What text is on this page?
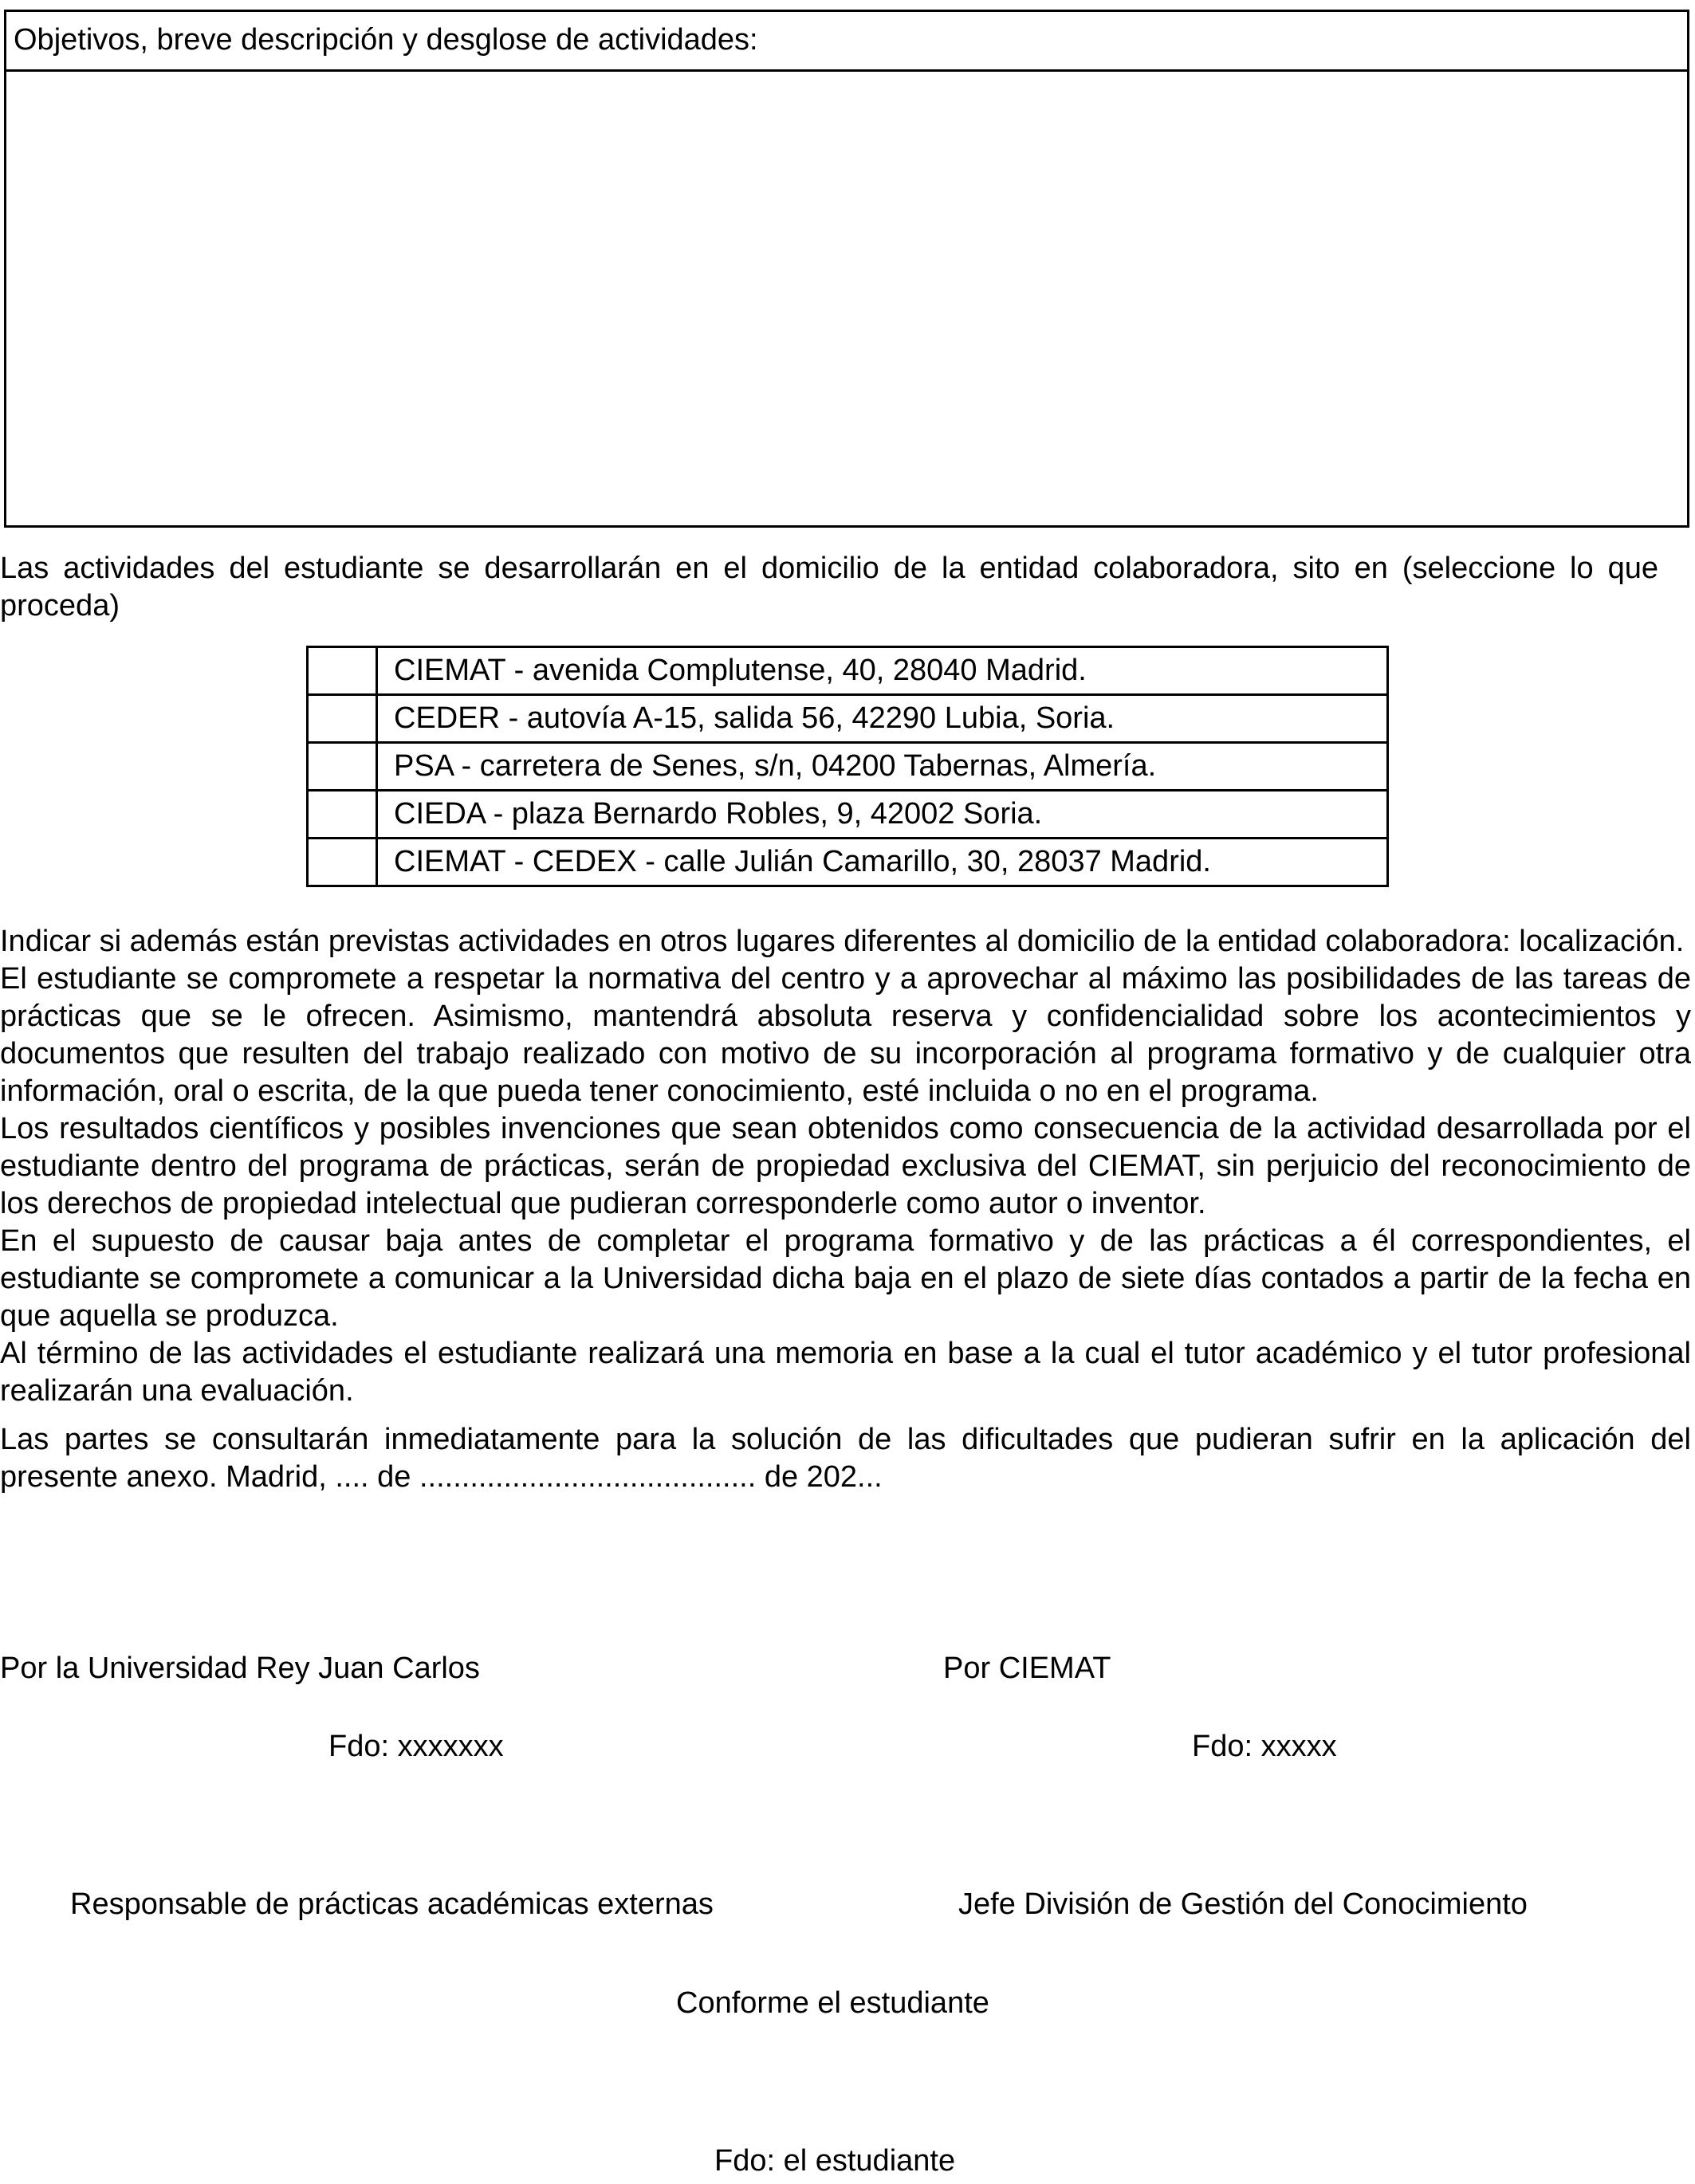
Objetivos, breve descripción y desglose de actividades:
Las actividades del estudiante se desarrollarán en el domicilio de la entidad colaboradora, sito en (seleccione lo que proceda)
	CIEMAT - avenida Complutense, 40, 28040 Madrid.

	CEDER - autovía A-15, salida 56, 42290 Lubia, Soria.

	PSA - carretera de Senes, s/n, 04200 Tabernas, Almería.

	CIEDA - plaza Bernardo Robles, 9, 42002 Soria.

	CIEMAT - CEDEX - calle Julián Camarillo, 30, 28037 Madrid.
Indicar si además están previstas actividades en otros lugares diferentes al domicilio de la entidad colaboradora: localización.
El estudiante se compromete a respetar la normativa del centro y a aprovechar al máximo las posibilidades de las tareas de prácticas que se le ofrecen. Asimismo, mantendrá absoluta reserva y confidencialidad sobre los acontecimientos y documentos que resulten del trabajo realizado con motivo de su incorporación al programa formativo y de cualquier otra información, oral o escrita, de la que pueda tener conocimiento, esté incluida o no en el programa.
Los resultados científicos y posibles invenciones que sean obtenidos como consecuencia de la actividad desarrollada por el estudiante dentro del programa de prácticas, serán de propiedad exclusiva del CIEMAT, sin perjuicio del reconocimiento de los derechos de propiedad intelectual que pudieran corresponderle como autor o inventor.
En el supuesto de causar baja antes de completar el programa formativo y de las prácticas a él correspondientes, el estudiante se compromete a comunicar a la Universidad dicha baja en el plazo de siete días contados a partir de la fecha en que aquella se produzca.
Al término de las actividades el estudiante realizará una memoria en base a la cual el tutor académico y el tutor profesional realizarán una evaluación.
Las partes se consultarán inmediatamente para la solución de las dificultades que pudieran sufrir en la aplicación del presente anexo. Madrid, .... de ........................................ de 202...
Por la Universidad Rey Juan Carlos	Por CIEMAT
Fdo: xxxxxxx	Fdo: xxxxx
Responsable de prácticas académicas externas	Jefe División de Gestión del Conocimiento
Conforme el estudiante
Fdo: el estudiante
